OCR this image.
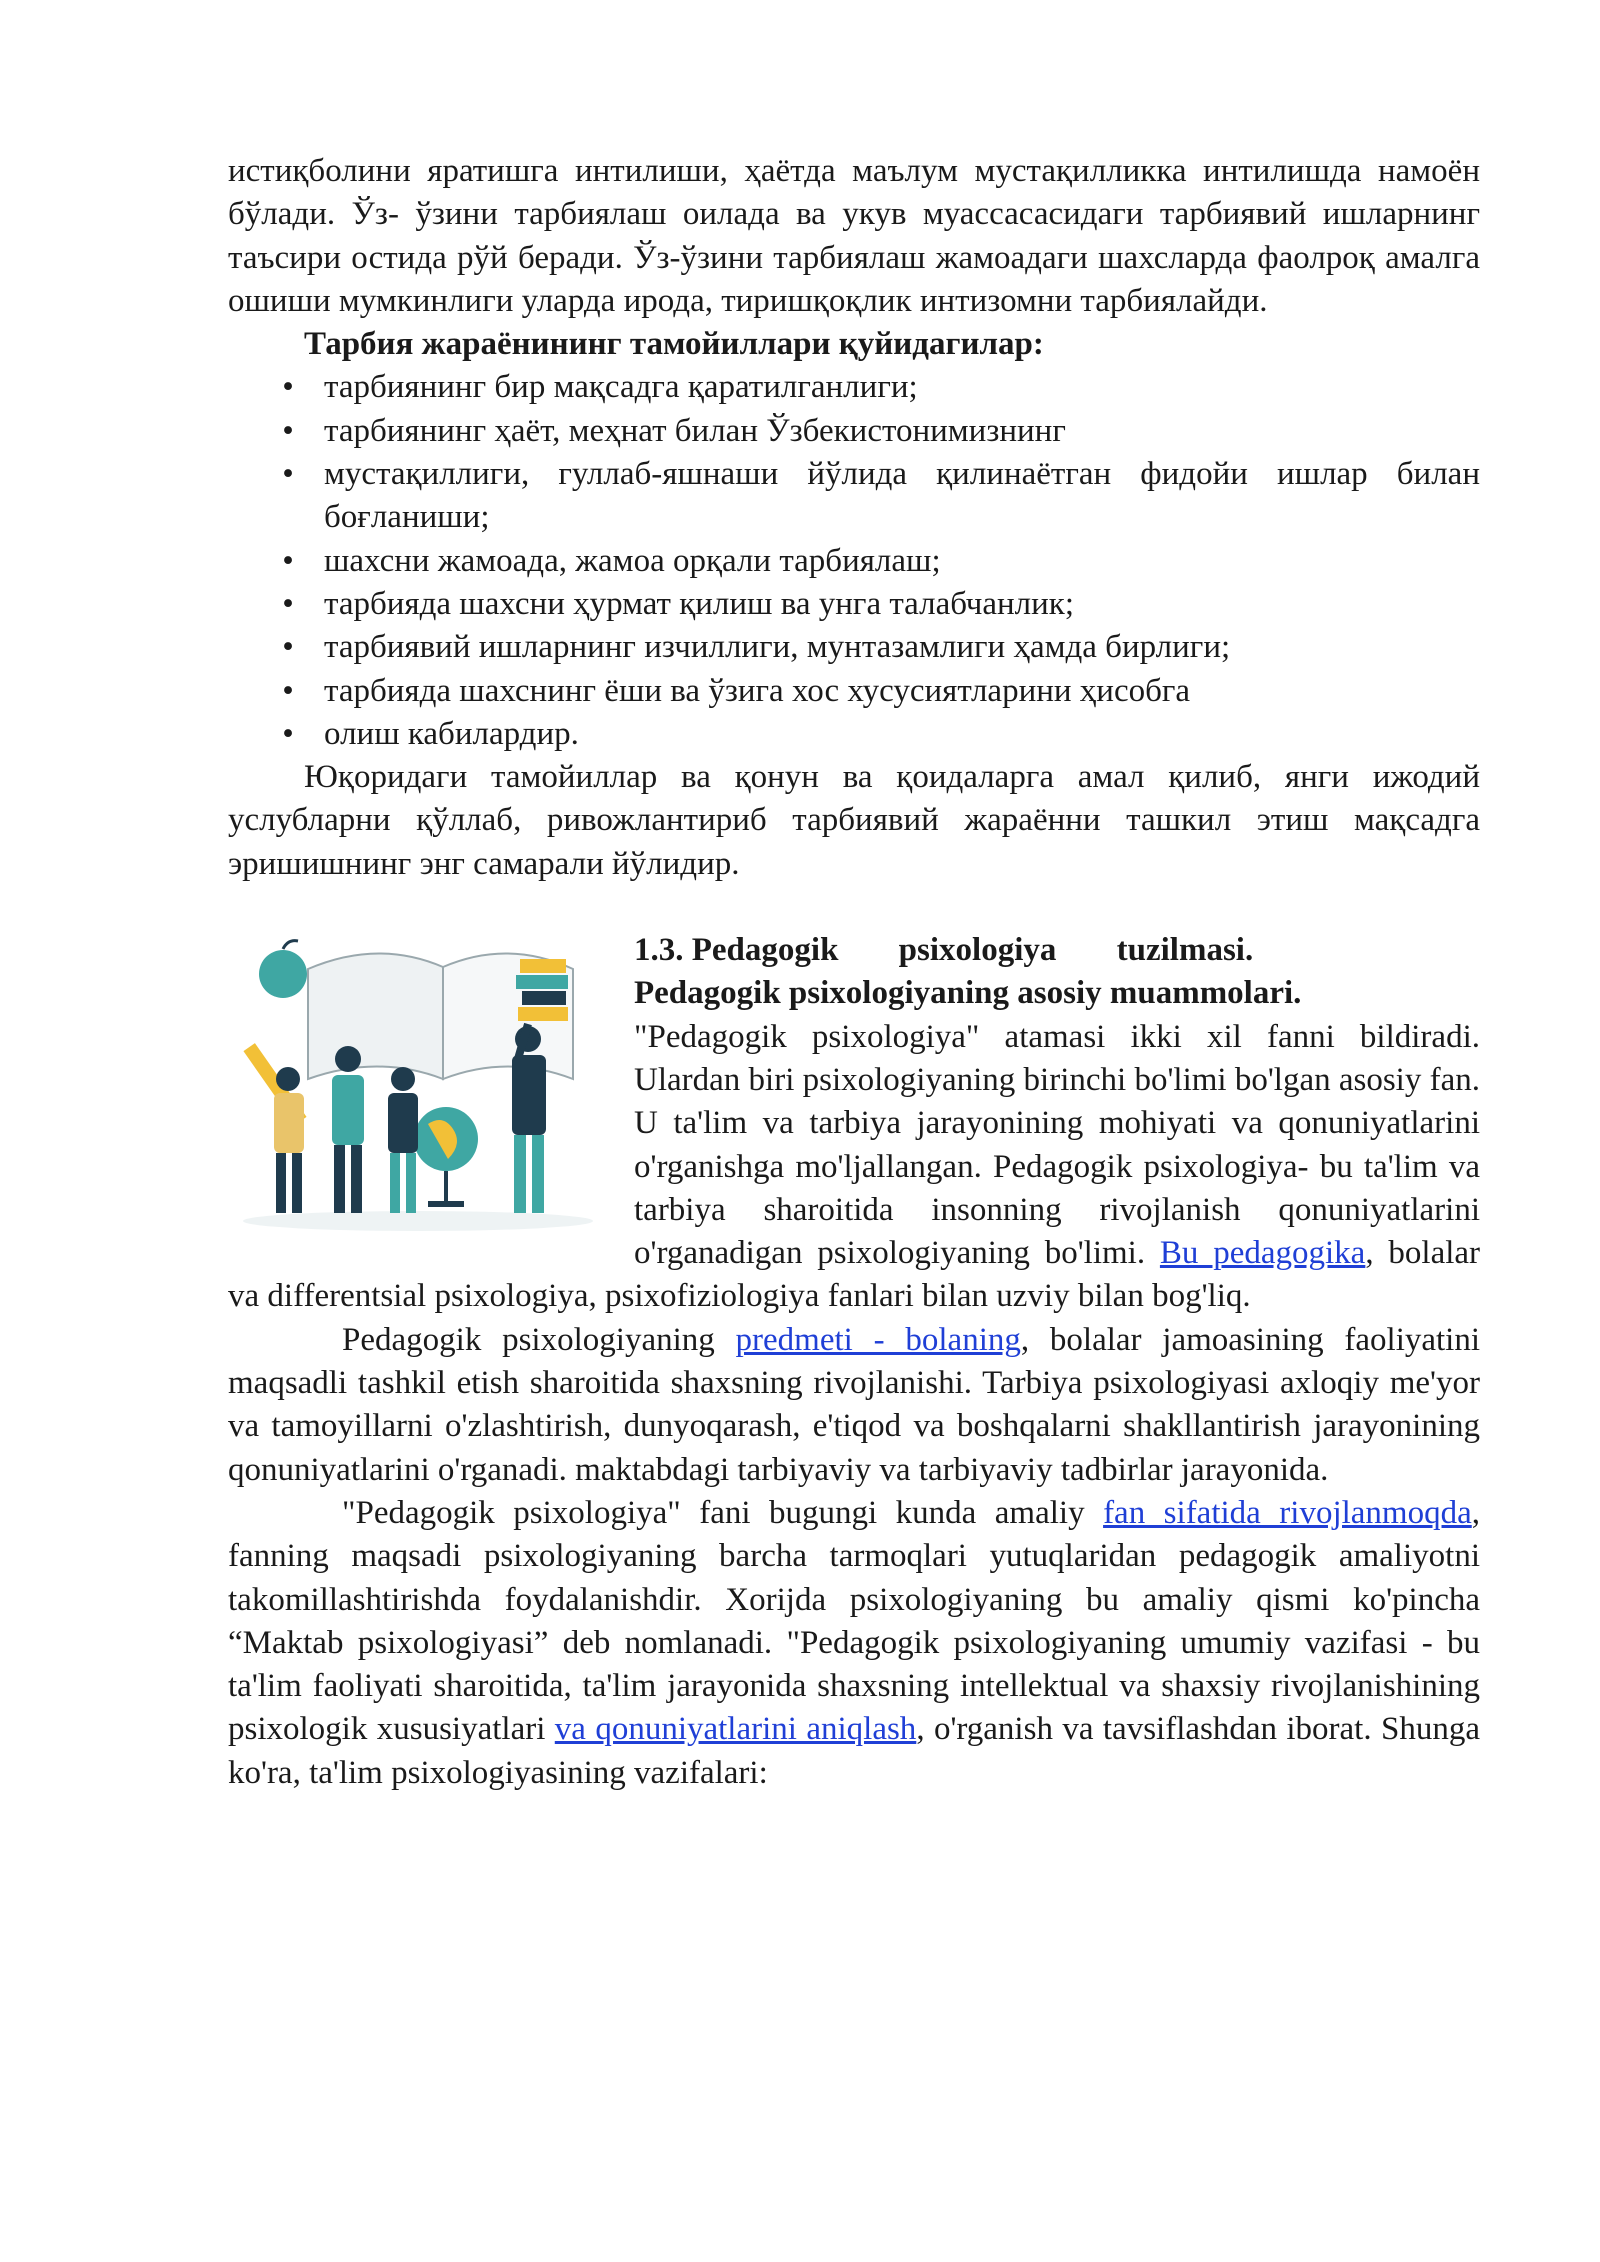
истиқболини яратишга интилиши, ҳаётда маълум мустақилликка интилишда намоён бўлади. Ўз- ўзини тарбиялаш оилада ва укув муассасасидаги тарбиявий ишларнинг таъсири остида рўй беради. Ўз-ўзини тарбиялаш жамоадаги шахсларда фаолроқ амалга ошиши мумкинлиги уларда ирода, тиришқоқлик интизомни тарбиялайди.

Тарбия жараёнининг тамойиллари қуйидагилар:

• тарбиянинг бир мақсадга қаратилганлиги;
• тарбиянинг ҳаёт, меҳнат билан Ўзбекистонимизнинг
• мустақиллиги, гуллаб-яшнаши йўлида қилинаётган фидойи ишлар билан боғланиши;
• шахсни жамоада, жамоа орқали тарбиялаш;
• тарбияда шахсни ҳурмат қилиш ва унга талабчанлик;
• тарбиявий ишларнинг изчиллиги, мунтазамлиги ҳамда бирлиги;
• тарбияда шахснинг ёши ва ўзига хос хусусиятларини ҳисобга
• олиш кабилардир.

Юқоридаги тамойиллар ва қонун ва қоидаларга амал қилиб, янги ижодий услубларни қўллаб, ривожлантириб тарбиявий жараённи ташкил этиш мақсадга эришишнинг энг самарали йўлидир.

1.3. Pedagogik psixologiya tuzilmasi.

Pedagogik psixologiyaning asosiy muammolari.

"Pedagogik psixologiya" atamasi ikki xil fanni bildiradi. Ulardan biri psixologiyaning birinchi bo'limi bo'lgan asosiy fan. U ta'lim va tarbiya jarayonining mohiyati va qonuniyatlarini o'rganishga mo'ljallangan. Pedagogik psixologiya- bu ta'lim va tarbiya sharoitida insonning rivojlanish qonuniyatlarini o'rganadigan psixologiyaning bo'limi. Bu pedagogika, bolalar va differentsial psixologiya, psixofiziologiya fanlari bilan uzviy bilan bog'liq.

Pedagogik psixologiyaning predmeti - bolaning, bolalar jamoasining faoliyatini maqsadli tashkil etish sharoitida shaxsning rivojlanishi. Tarbiya psixologiyasi axloqiy me'yor va tamoyillarni o'zlashtirish, dunyoqarash, e'tiqod va boshqalarni shakllantirish jarayonining qonuniyatlarini o'rganadi. maktabdagi tarbiyaviy va tarbiyaviy tadbirlar jarayonida.

"Pedagogik psixologiya" fani bugungi kunda amaliy fan sifatida rivojlanmoqda, fanning maqsadi psixologiyaning barcha tarmoqlari yutuqlaridan pedagogik amaliyotni takomillashtirishda foydalanishdir. Xorijda psixologiyaning bu amaliy qismi ko'pincha “Maktab psixologiyasi” deb nomlanadi. "Pedagogik psixologiyaning umumiy vazifasi - bu ta'lim faoliyati sharoitida, ta'lim jarayonida shaxsning intellektual va shaxsiy rivojlanishining psixologik xususiyatlari va qonuniyatlarini aniqlash, o'rganish va tavsiflashdan iborat. Shunga ko'ra, ta'lim psixologiyasining vazifalari:
